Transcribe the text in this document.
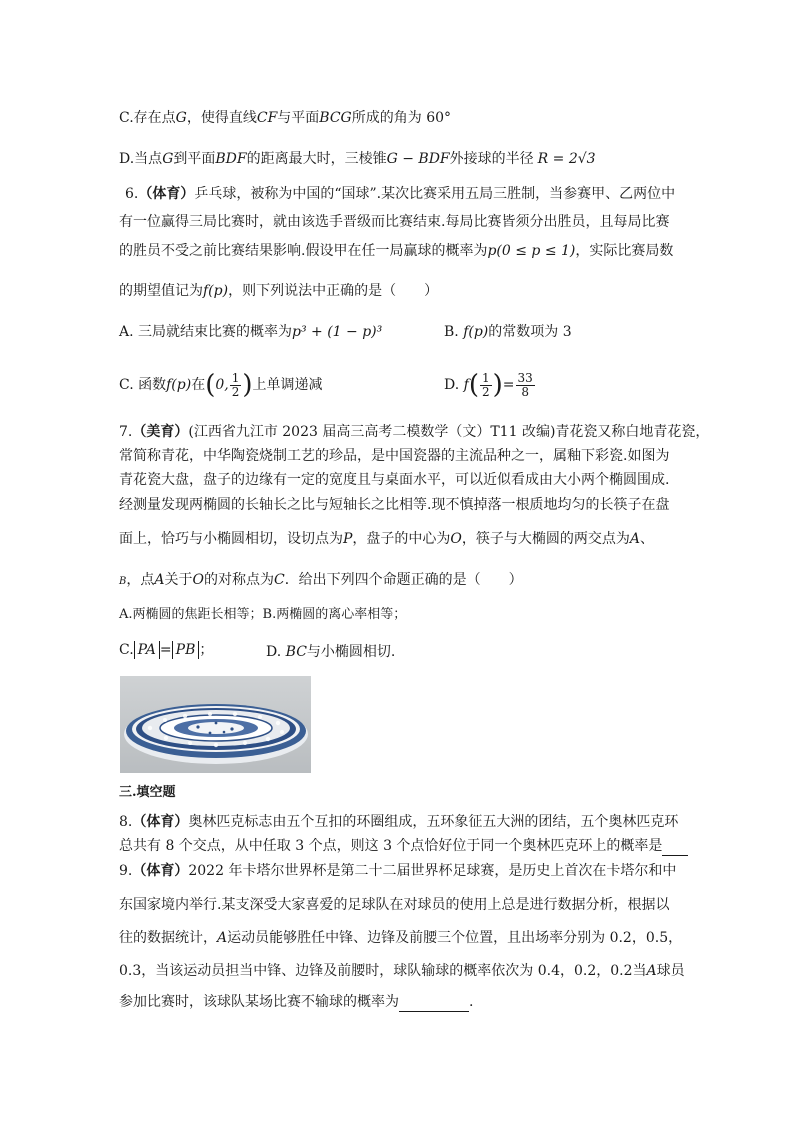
C.存在点G，使得直线CF与平面BCG所成的角为 60°
D.当点G到平面BDF的距离最大时，三棱锥G − BDF外接球的半径 R = 2√3
6.（体育）乒乓球，被称为中国的“国球”.某次比赛采用五局三胜制，当参赛甲、乙两位中
有一位赢得三局比赛时，就由该选手晋级而比赛结束.每局比赛皆须分出胜员，且每局比赛
的胜员不受之前比赛结果影响.假设甲在任一局赢球的概率为p(0 ≤ p ≤ 1)，实际比赛局数
的期望值记为f(p)，则下列说法中正确的是（　　）
A. 三局就结束比赛的概率为p³ + (1 − p)³	B. f(p)的常数项为 3
C. 函数f(p)在(0, $\frac{1}{2}$ )上单调递减	D. $f( \frac{1}{2}$ )= $\frac{33}{8}$
7.（美育）(江西省九江市 2023 届高三高考二模数学（文）T11 改编)青花瓷又称白地青花瓷，
常简称青花，中华陶瓷烧制工艺的珍品，是中国瓷器的主流品种之一，属釉下彩瓷.如图为
青花瓷大盘，盘子的边缘有一定的宽度且与桌面水平，可以近似看成由大小两个椭圆围成.
经测量发现两椭圆的长轴长之比与短轴长之比相等.现不慎掉落一根质地均匀的长筷子在盘
面上，恰巧与小椭圆相切，设切点为P，盘子的中心为O，筷子与大椭圆的两交点为A、
B，点A关于O的对称点为C．给出下列四个命题正确的是（　　）
A.两椭圆的焦距长相等；B.两椭圆的离心率相等；
C. PA = PB ；	D. BC与小椭圆相切.
三.填空题
8.（体育）奥林匹克标志由五个互扣的环圈组成，五环象征五大洲的团结，五个奥林匹克环
总共有 8 个交点，从中任取 3 个点，则这 3 个点恰好位于同一个奥林匹克环上的概率是
9.（体育）2022 年卡塔尔世界杯是第二十二届世界杯足球赛，是历史上首次在卡塔尔和中
东国家境内举行.某支深受大家喜爱的足球队在对球员的使用上总是进行数据分析，根据以
往的数据统计，A运动员能够胜任中锋、边锋及前腰三个位置，且出场率分别为 0.2，0.5，
0.3，当该运动员担当中锋、边锋及前腰时，球队输球的概率依次为 0.4，0.2，0.2当A球员
参加比赛时，该球队某场比赛不输球的概率为	.
